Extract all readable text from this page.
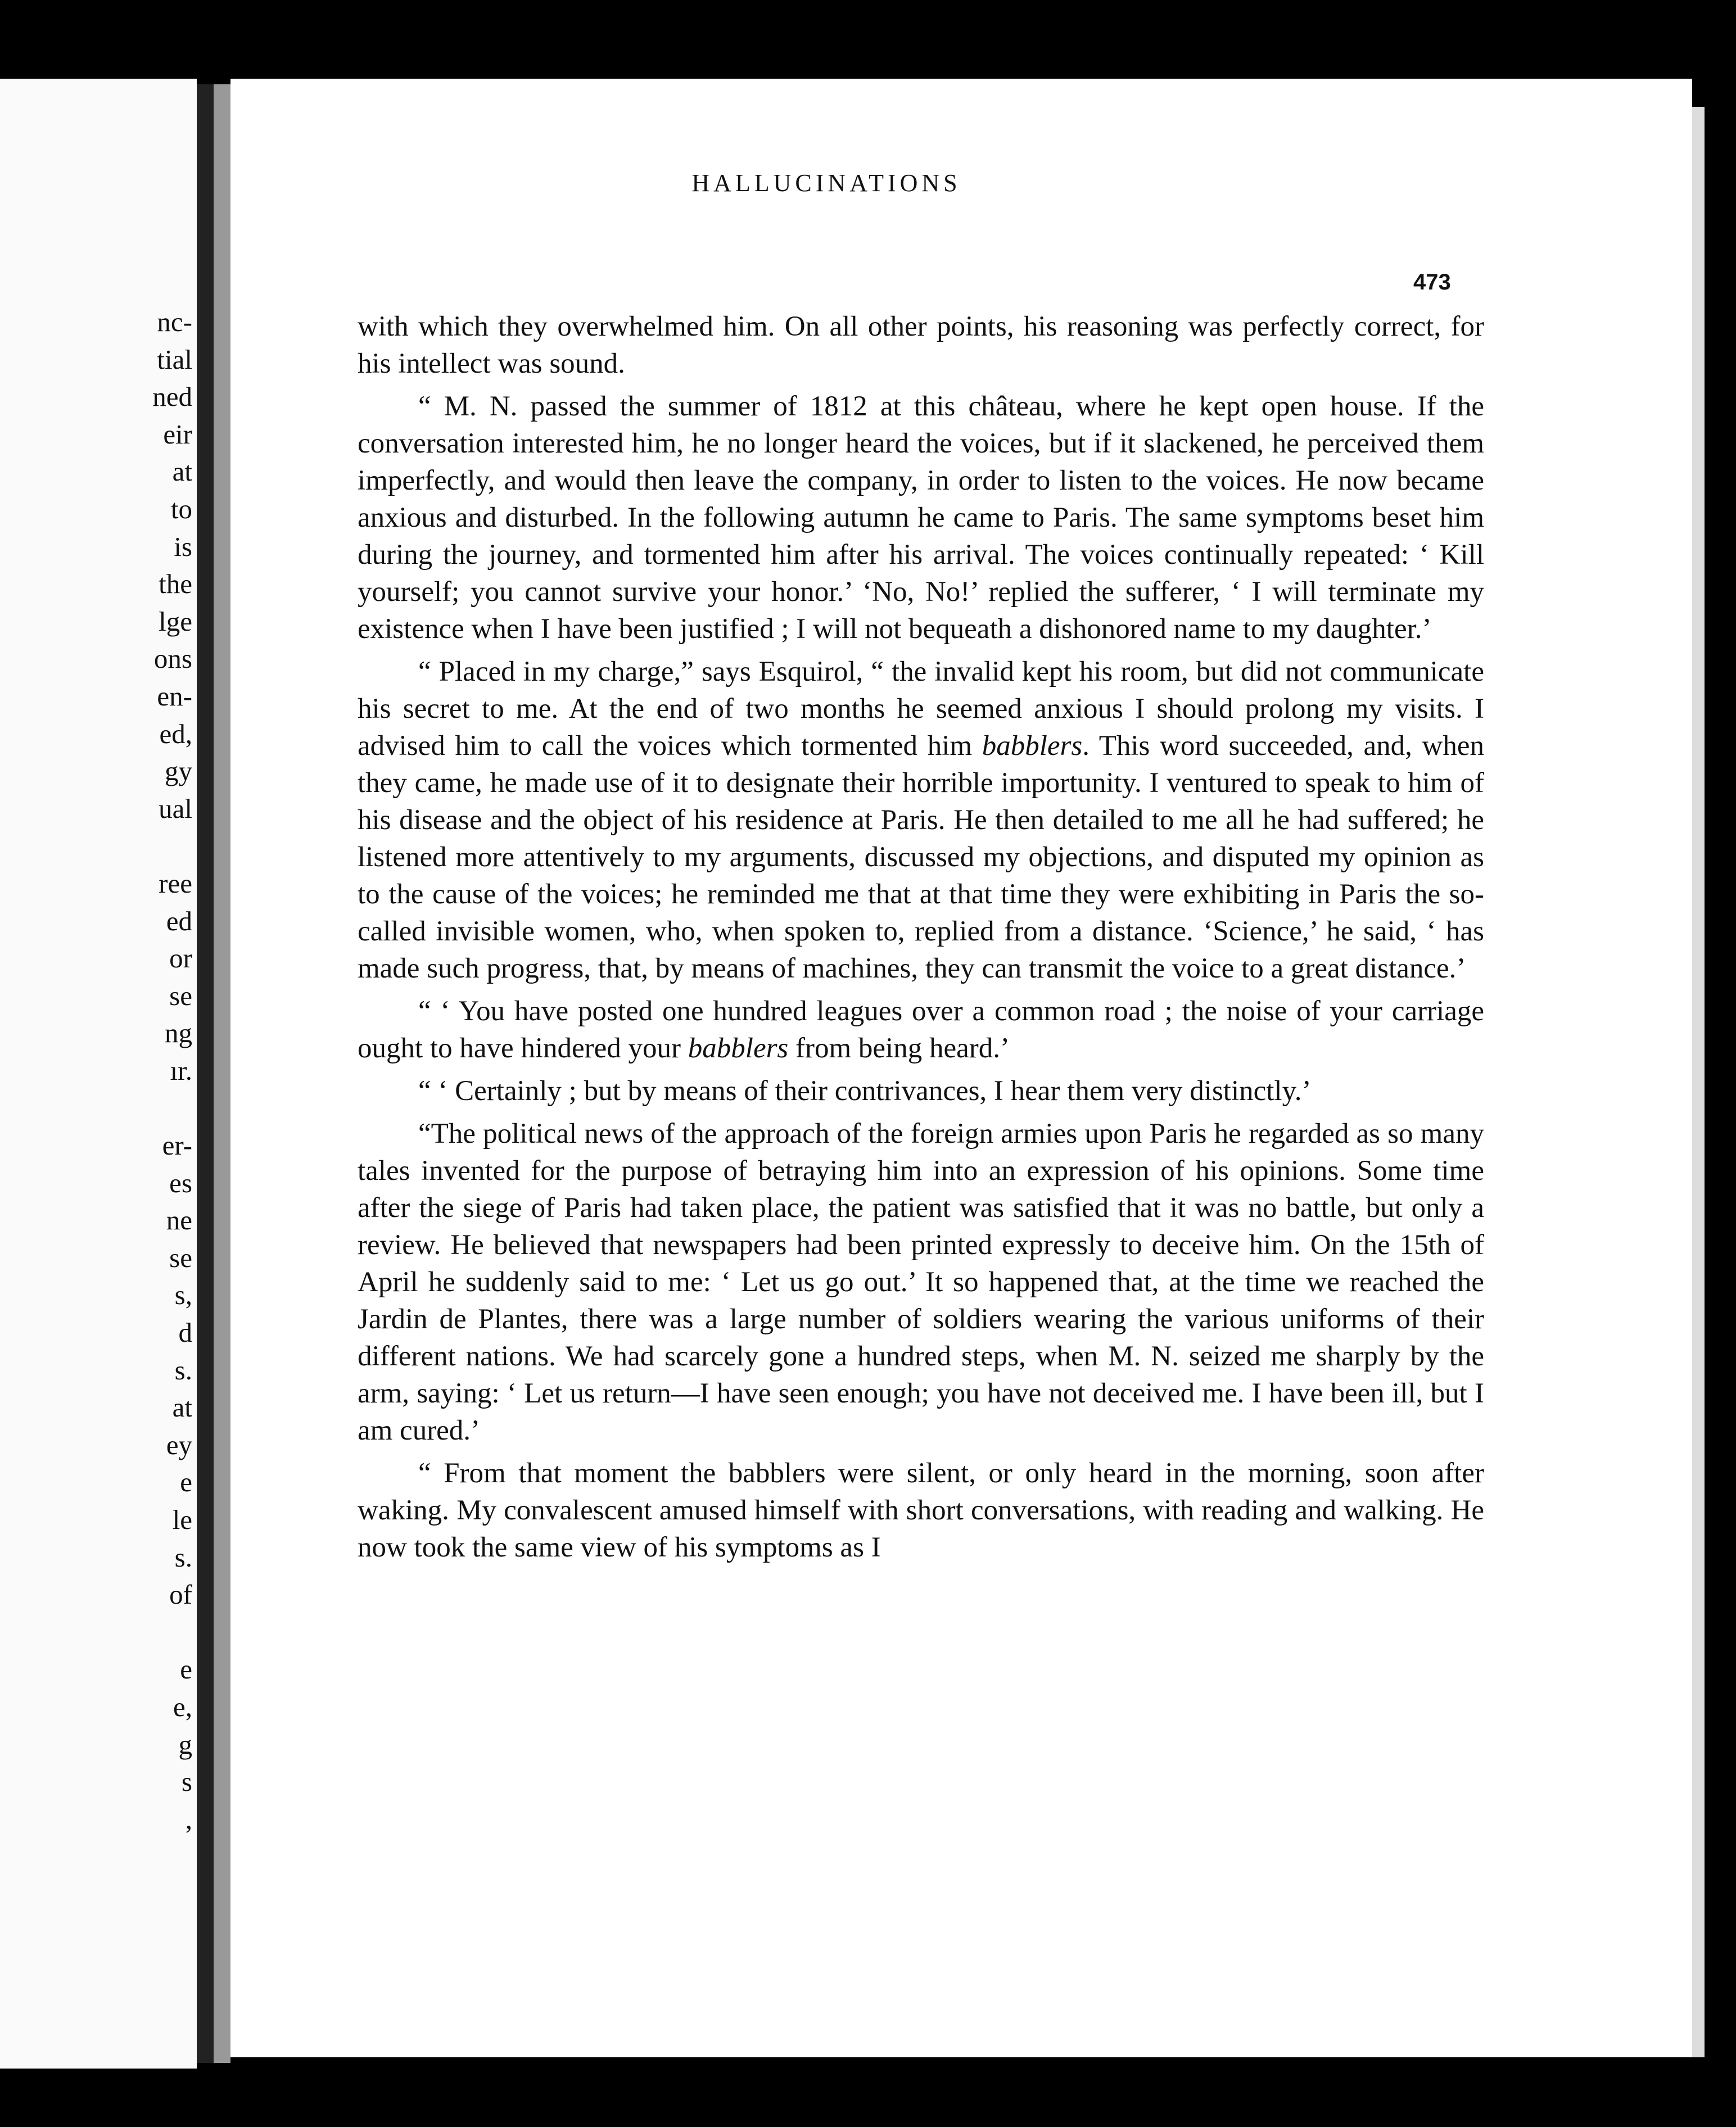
nc-
tial
ned
eir
at
to
is
the
lge
ons
en-
ed,
gy
ual
ree
ed
or
se
ng
ır.
er-
es
ne
se
s,
d
s.
at
ey
e
le
s.
of
e
e,
g
s
,
HALLUCINATIONS
473

with which they overwhelmed him. On all other points, his reasoning was perfectly correct, for his intellect was sound.

“ M. N. passed the summer of 1812 at this château, where he kept open house. If the conversation interested him, he no longer heard the voices, but if it slackened, he perceived them imperfectly, and would then leave the company, in order to listen to the voices. He now became anxious and disturbed. In the following autumn he came to Paris. The same symptoms beset him during the journey, and tormented him after his arrival. The voices continually repeated: ‘ Kill yourself; you cannot survive your honor.’ ‘No, No!’ replied the sufferer, ‘ I will terminate my existence when I have been justified ; I will not bequeath a dishonored name to my daughter.’

“ Placed in my charge,” says Esquirol, “ the invalid kept his room, but did not communicate his secret to me. At the end of two months he seemed anxious I should prolong my visits. I advised him to call the voices which tormented him babblers. This word succeeded, and, when they came, he made use of it to designate their horrible importunity. I ventured to speak to him of his disease and the object of his residence at Paris. He then detailed to me all he had suffered; he listened more attentively to my arguments, discussed my objections, and disputed my opinion as to the cause of the voices; he reminded me that at that time they were exhibiting in Paris the so-called invisible women, who, when spoken to, replied from a distance. ‘Science,’ he said, ‘ has made such progress, that, by means of machines, they can transmit the voice to a great distance.’

“ ‘ You have posted one hundred leagues over a common road ; the noise of your carriage ought to have hindered your babblers from being heard.’

“ ‘ Certainly ; but by means of their contrivances, I hear them very distinctly.’

“The political news of the approach of the foreign armies upon Paris he regarded as so many tales invented for the purpose of betraying him into an expression of his opinions. Some time after the siege of Paris had taken place, the patient was satisfied that it was no battle, but only a review. He believed that newspapers had been printed expressly to deceive him. On the 15th of April he suddenly said to me: ‘ Let us go out.’ It so happened that, at the time we reached the Jardin de Plantes, there was a large number of soldiers wearing the various uniforms of their different nations. We had scarcely gone a hundred steps, when M. N. seized me sharply by the arm, saying: ‘ Let us return—I have seen enough; you have not deceived me. I have been ill, but I am cured.’

“ From that moment the babblers were silent, or only heard in the morning, soon after waking. My convalescent amused himself with short conversations, with reading and walking. He now took the same view of his symptoms as I
